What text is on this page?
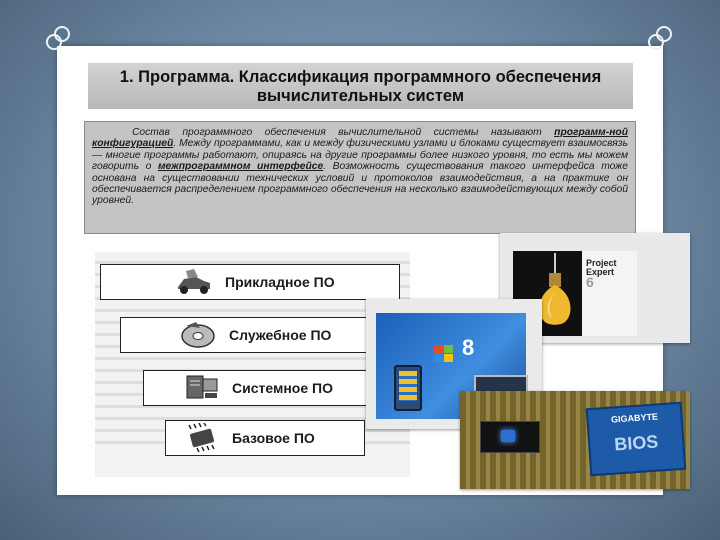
1. Программа. Классификация программного обеспечения
вычислительных систем

Состав программного обеспечения вычислительной системы называют программ-ной конфигурацией. Между программами, как и между физическими узлами и блоками существует взаимосвязь — многие программы работают, опираясь на другие программы более низкого уровня, то есть мы можем говорить о межпрограммном интерфейсе. Возможность существования такого интерфейса тоже основана на существовании технических условий и протоколов взаимодействия, а на практике он обеспечивается распределением программного обеспечения на несколько взаимодействующих между собой уровней.

Прикладное ПО
Служебное ПО
Системное ПО
Базовое ПО
Project
Expert
6
8
GIGABYTE
BIOS
